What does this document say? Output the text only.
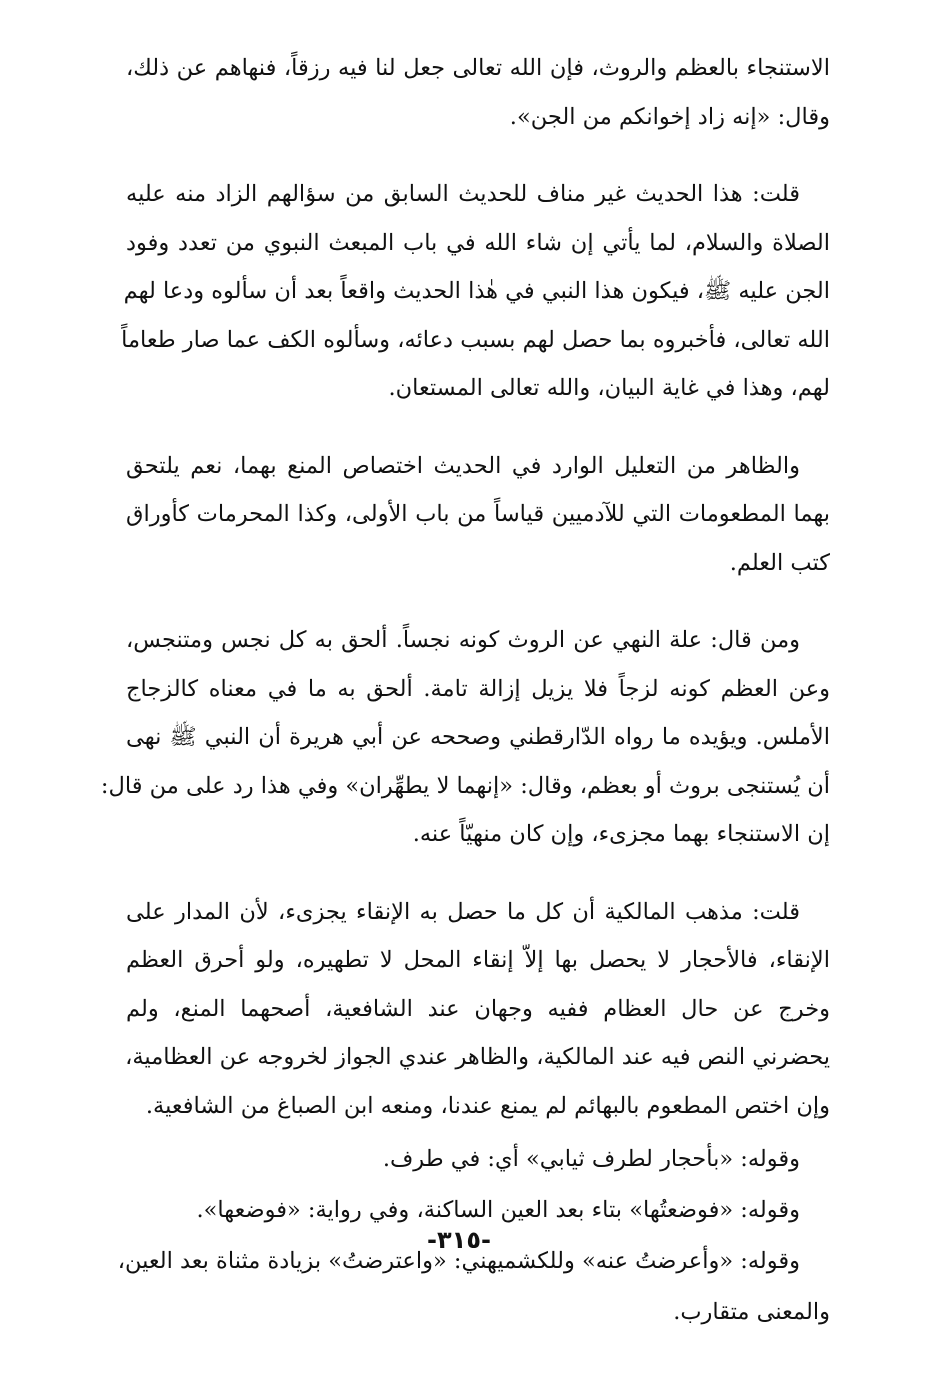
الاستنجاء بالعظم والروث، فإن الله تعالى جعل لنا فيه رزقاً، فنهاهم عن ذلك،
وقال: «إنه زاد إخوانكم من الجن».

قلت: هذا الحديث غير مناف للحديث السابق من سؤالهم الزاد منه عليه
الصلاة والسلام، لما يأتي إن شاء الله في باب المبعث النبوي من تعدد وفود
الجن عليه ﷺ، فيكون هذا النبي في هٰذا الحديث واقعاً بعد أن سألوه ودعا لهم
الله تعالى، فأخبروه بما حصل لهم بسبب دعائه، وسألوه الكف عما صار طعاماً
لهم، وهذا في غاية البيان، والله تعالى المستعان.

والظاهر من التعليل الوارد في الحديث اختصاص المنع بهما، نعم يلتحق
بهما المطعومات التي للآدميين قياساً من باب الأولى، وكذا المحرمات كأوراق
كتب العلم.

ومن قال: علة النهي عن الروث كونه نجساً. ألحق به كل نجس ومتنجس،
وعن العظم كونه لزجاً فلا يزيل إزالة تامة. ألحق به ما في معناه كالزجاج
الأملس. ويؤيده ما رواه الدّارقطني وصححه عن أبي هريرة أن النبي ﷺ نهى
أن يُستنجى بروث أو بعظم، وقال: «إنهما لا يطهِّران» وفي هذا رد على من قال:
إن الاستنجاء بهما مجزىء، وإن كان منهيّاً عنه.

قلت: مذهب المالكية أن كل ما حصل به الإنقاء يجزىء، لأن المدار على
الإنقاء، فالأحجار لا يحصل بها إلاّ إنقاء المحل لا تطهيره، ولو أحرق العظم
وخرج عن حال العظام ففيه وجهان عند الشافعية، أصحهما المنع، ولم
يحضرني النص فيه عند المالكية، والظاهر عندي الجواز لخروجه عن العظامية،
وإن اختص المطعوم بالبهائم لم يمنع عندنا، ومنعه ابن الصباغ من الشافعية.

وقوله: «بأحجار لطرف ثيابي» أي: في طرف.
وقوله: «فوضعتُها» بتاء بعد العين الساكنة، وفي رواية: «فوضعها».
وقوله: «وأعرضتُ عنه» وللكشميهني: «واعترضتُ» بزيادة مثناة بعد العين،
والمعنى متقارب.
-٣١٥-
